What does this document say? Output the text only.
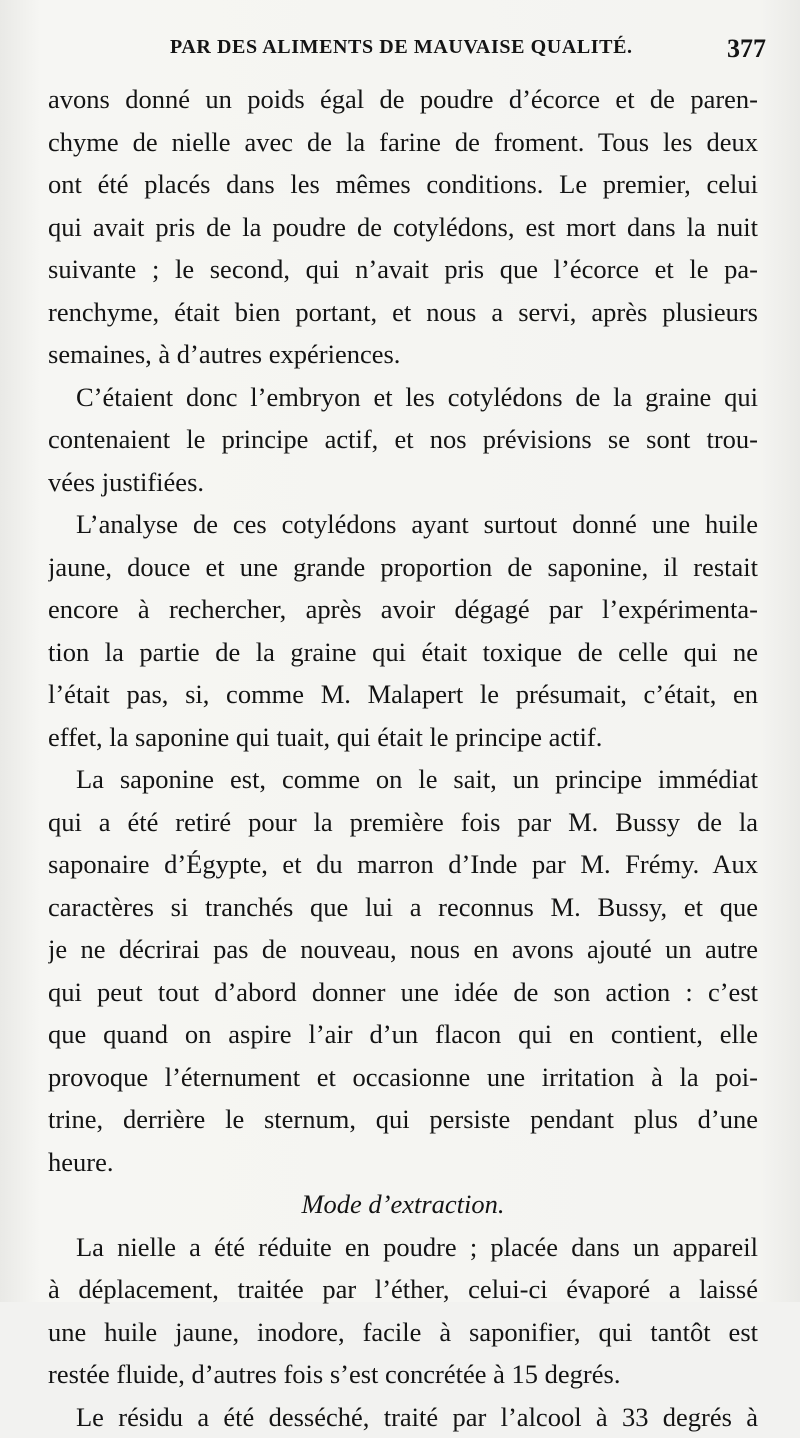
PAR DES ALIMENTS DE MAUVAISE QUALITÉ.	377
avons donné un poids égal de poudre d’écorce et de paren-
chyme de nielle avec de la farine de froment. Tous les deux
ont été placés dans les mêmes conditions. Le premier, celui
qui avait pris de la poudre de cotylédons, est mort dans la nuit
suivante ; le second, qui n’avait pris que l’écorce et le pa-
renchyme, était bien portant, et nous a servi, après plusieurs
semaines, à d’autres expériences.
C’étaient donc l’embryon et les cotylédons de la graine qui
contenaient le principe actif, et nos prévisions se sont trou-
vées justifiées.
L’analyse de ces cotylédons ayant surtout donné une huile
jaune, douce et une grande proportion de saponine, il restait
encore à rechercher, après avoir dégagé par l’expérimenta-
tion la partie de la graine qui était toxique de celle qui ne
l’était pas, si, comme M. Malapert le présumait, c’était, en
effet, la saponine qui tuait, qui était le principe actif.
La saponine est, comme on le sait, un principe immédiat
qui a été retiré pour la première fois par M. Bussy de la
saponaire d’Égypte, et du marron d’Inde par M. Frémy. Aux
caractères si tranchés que lui a reconnus M. Bussy, et que
je ne décrirai pas de nouveau, nous en avons ajouté un autre
qui peut tout d’abord donner une idée de son action : c’est
que quand on aspire l’air d’un flacon qui en contient, elle
provoque l’éternument et occasionne une irritation à la poi-
trine, derrière le sternum, qui persiste pendant plus d’une
heure.
Mode d’extraction.
La nielle a été réduite en poudre ; placée dans un appareil
à déplacement, traitée par l’éther, celui-ci évaporé a laissé
une huile jaune, inodore, facile à saponifier, qui tantôt est
restée fluide, d’autres fois s’est concrétée à 15 degrés.
Le résidu a été desséché, traité par l’alcool à 33 degrés à
